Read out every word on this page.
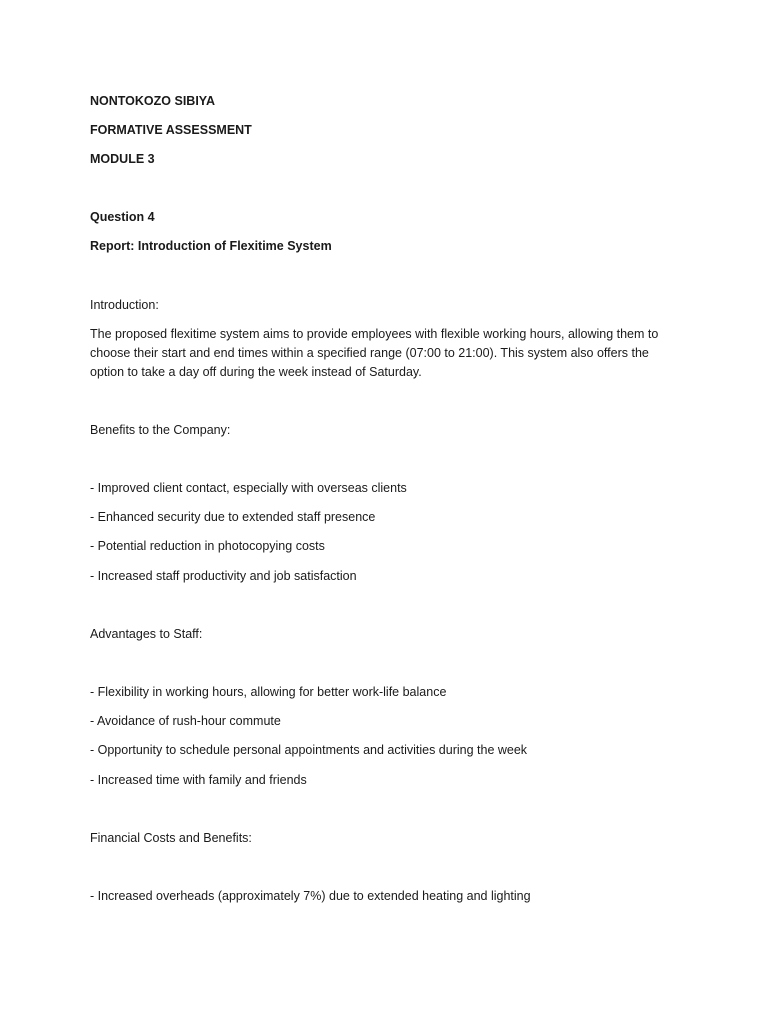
NONTOKOZO SIBIYA
FORMATIVE ASSESSMENT
MODULE 3
Question 4
Report: Introduction of Flexitime System
Introduction:
The proposed flexitime system aims to provide employees with flexible working hours, allowing them to choose their start and end times within a specified range (07:00 to 21:00). This system also offers the option to take a day off during the week instead of Saturday.
Benefits to the Company:
- Improved client contact, especially with overseas clients
- Enhanced security due to extended staff presence
- Potential reduction in photocopying costs
- Increased staff productivity and job satisfaction
Advantages to Staff:
- Flexibility in working hours, allowing for better work-life balance
- Avoidance of rush-hour commute
- Opportunity to schedule personal appointments and activities during the week
- Increased time with family and friends
Financial Costs and Benefits:
- Increased overheads (approximately 7%) due to extended heating and lighting
